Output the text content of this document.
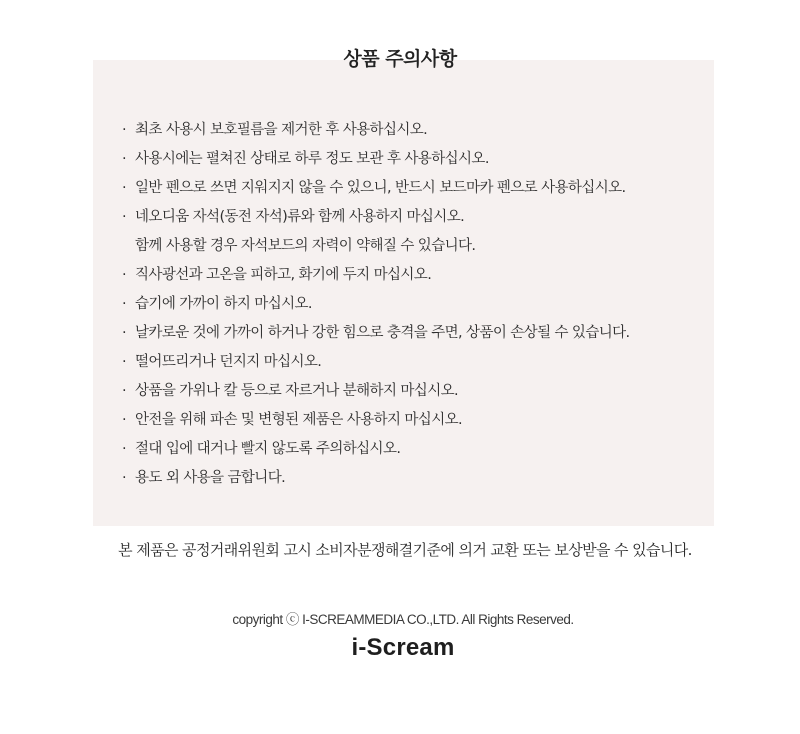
상품 주의사항
· 최초 사용시 보호필름을 제거한 후 사용하십시오.
· 사용시에는 펼쳐진 상태로 하루 정도 보관 후 사용하십시오.
· 일반 펜으로 쓰면 지워지지 않을 수 있으니, 반드시 보드마카 펜으로 사용하십시오.
· 네오디움 자석(동전 자석)류와 함께 사용하지 마십시오.
함께 사용할 경우 자석보드의 자력이 약해질 수 있습니다.
· 직사광선과 고온을 피하고, 화기에 두지 마십시오.
· 습기에 가까이 하지 마십시오.
· 날카로운 것에 가까이 하거나 강한 힘으로 충격을 주면, 상품이 손상될 수 있습니다.
· 떨어뜨리거나 던지지 마십시오.
· 상품을 가위나 칼 등으로 자르거나 분해하지 마십시오.
· 안전을 위해 파손 및 변형된 제품은 사용하지 마십시오.
· 절대 입에 대거나 빨지 않도록 주의하십시오.
· 용도 외 사용을 금합니다.
본 제품은 공정거래위원회 고시 소비자분쟁해결기준에 의거 교환 또는 보상받을 수 있습니다.
copyright ⓒ I-SCREAMMEDIA CO.,LTD. All Rights Reserved.
i-Scream
